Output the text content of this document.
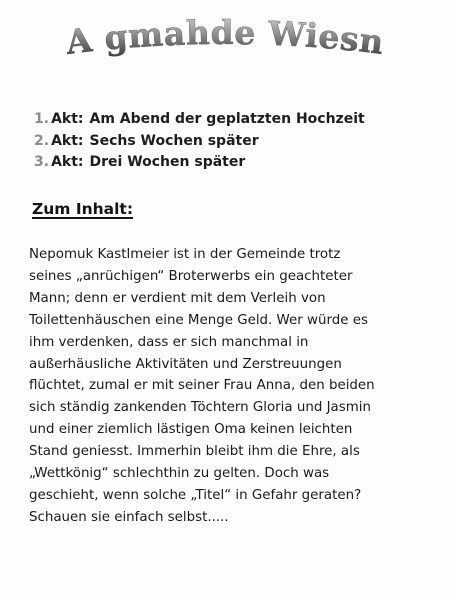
A gmahde Wiesn
1. Akt: Am Abend der geplatzten Hochzeit
2. Akt: Sechs Wochen später
3. Akt: Drei Wochen später
Zum Inhalt:
Nepomuk Kastlmeier ist in der Gemeinde trotz
seines „anrüchigen“ Broterwerbs ein geachteter
Mann; denn er verdient mit dem Verleih von
Toilettenhäuschen eine Menge Geld. Wer würde es
ihm verdenken, dass er sich manchmal in
außerhäusliche Aktivitäten und Zerstreuungen
flüchtet, zumal er mit seiner Frau Anna, den beiden
sich ständig zankenden Töchtern Gloria und Jasmin
und einer ziemlich lästigen Oma keinen leichten
Stand geniesst. Immerhin bleibt ihm die Ehre, als
„Wettkönig“ schlechthin zu gelten. Doch was
geschieht, wenn solche „Titel“ in Gefahr geraten?
Schauen sie einfach selbst.....
